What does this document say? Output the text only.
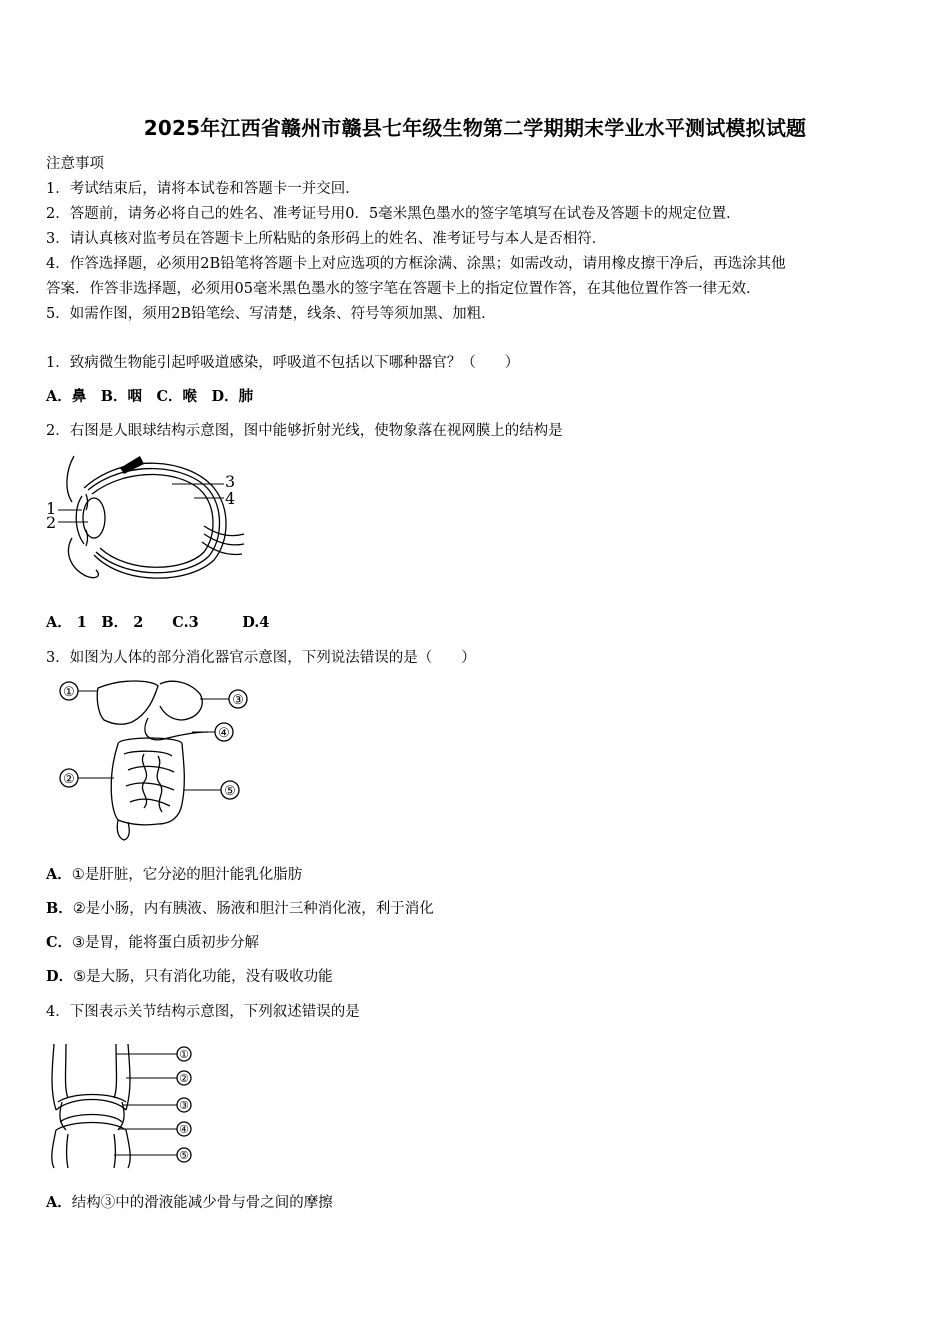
2025年江西省赣州市赣县七年级生物第二学期期末学业水平测试模拟试题
注意事项
1．考试结束后，请将本试卷和答题卡一并交回．
2．答题前，请务必将自己的姓名、准考证号用0．5毫米黑色墨水的签字笔填写在试卷及答题卡的规定位置．
3．请认真核对监考员在答题卡上所粘贴的条形码上的姓名、准考证号与本人是否相符．
4．作答选择题，必须用2B铅笔将答题卡上对应选项的方框涂满、涂黑；如需改动，请用橡皮擦干净后，再选涂其他
答案．作答非选择题，必须用05毫米黑色墨水的签字笔在答题卡上的指定位置作答，在其他位置作答一律无效．
5．如需作图，须用2B铅笔绘、写清楚，线条、符号等须加黑、加粗．
1．致病微生物能引起呼吸道感染，呼吸道不包括以下哪种器官？（　　）
A．鼻　B．咽　C．喉　D．肺
2．右图是人眼球结构示意图，图中能够折射光线，使物象落在视网膜上的结构是
1
2
3
4
A． 1　B． 2　　C.3　　　D.4
3．如图为人体的部分消化器官示意图，下列说法错误的是（　　）
①
②
③
④
⑤
A．①是肝脏，它分泌的胆汁能乳化脂肪
B．②是小肠，内有胰液、肠液和胆汁三种消化液，利于消化
C．③是胃，能将蛋白质初步分解
D．⑤是大肠，只有消化功能，没有吸收功能
4．下图表示关节结构示意图，下列叙述错误的是
①
②
③
④
⑤
A．结构③中的滑液能减少骨与骨之间的摩擦
